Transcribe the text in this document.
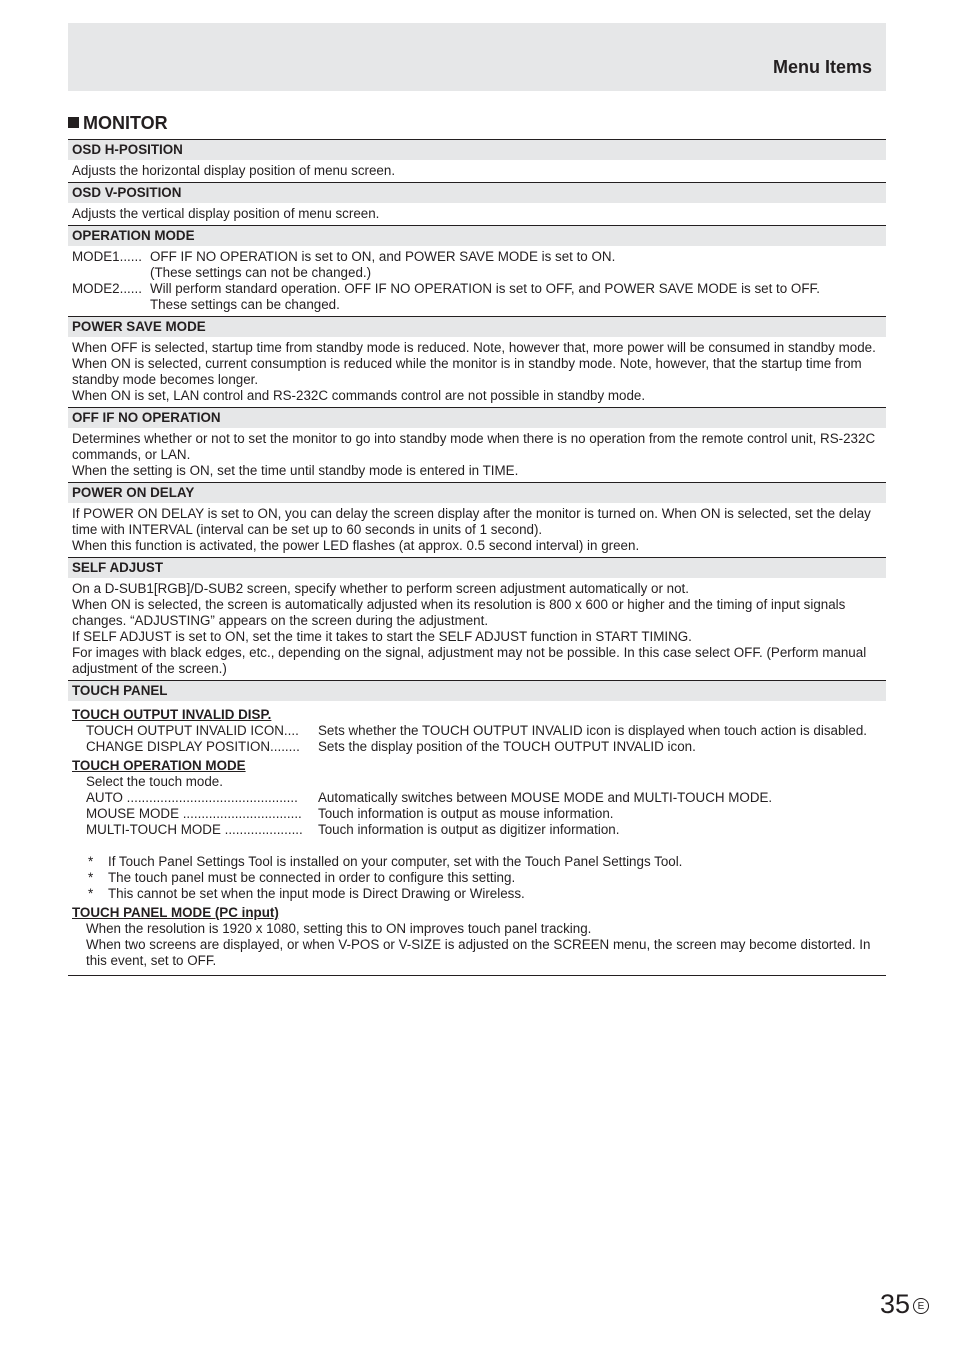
Menu Items
MONITOR
OSD H-POSITION

Adjusts the horizontal display position of menu screen.

OSD V-POSITION

Adjusts the vertical display position of menu screen.

OPERATION MODE
MODE1...... OFF IF NO OPERATION is set to ON, and POWER SAVE MODE is set to ON.
(These settings can not be changed.)
MODE2...... Will perform standard operation. OFF IF NO OPERATION is set to OFF, and POWER SAVE MODE is set to OFF.
These settings can be changed.
POWER SAVE MODE

When OFF is selected, startup time from standby mode is reduced. Note, however that, more power will be consumed in standby mode.

When ON is selected, current consumption is reduced while the monitor is in standby mode. Note, however, that the startup time from standby mode becomes longer.

When ON is set, LAN control and RS-232C commands control are not possible in standby mode.

OFF IF NO OPERATION

Determines whether or not to set the monitor to go into standby mode when there is no operation from the remote control unit, RS-232C commands, or LAN.

When the setting is ON, set the time until standby mode is entered in TIME.

POWER ON DELAY

If POWER ON DELAY is set to ON, you can delay the screen display after the monitor is turned on. When ON is selected, set the delay time with INTERVAL (interval can be set up to 60 seconds in units of 1 second).

When this function is activated, the power LED flashes (at approx. 0.5 second interval) in green.

SELF ADJUST

On a D-SUB1[RGB]/D-SUB2 screen, specify whether to perform screen adjustment automatically or not.

When ON is selected, the screen is automatically adjusted when its resolution is 800 x 600 or higher and the timing of input signals changes. “ADJUSTING” appears on the screen during the adjustment.

If SELF ADJUST is set to ON, set the time it takes to start the SELF ADJUST function in START TIMING.

For images with black edges, etc., depending on the signal, adjustment may not be possible. In this case select OFF. (Perform manual adjustment of the screen.)

TOUCH PANEL
TOUCH OUTPUT INVALID DISP.
TOUCH OUTPUT INVALID ICON....	Sets whether the TOUCH OUTPUT INVALID icon is displayed when touch action is disabled.
CHANGE DISPLAY POSITION........	Sets the display position of the TOUCH OUTPUT INVALID icon.
TOUCH OPERATION MODE

Select the touch mode.

AUTO ..............................................	Automatically switches between MOUSE MODE and MULTI-TOUCH MODE.
MOUSE MODE ................................	Touch information is output as mouse information.
MULTI-TOUCH MODE .....................	Touch information is output as digitizer information.
*	If Touch Panel Settings Tool is installed on your computer, set with the Touch Panel Settings Tool.
*	The touch panel must be connected in order to configure this setting.
*	This cannot be set when the input mode is Direct Drawing or Wireless.
TOUCH PANEL MODE (PC input)

When the resolution is 1920 x 1080, setting this to ON improves touch panel tracking.

When two screens are displayed, or when V-POS or V-SIZE is adjusted on the SCREEN menu, the screen may become distorted. In this event, set to OFF.

35 E
